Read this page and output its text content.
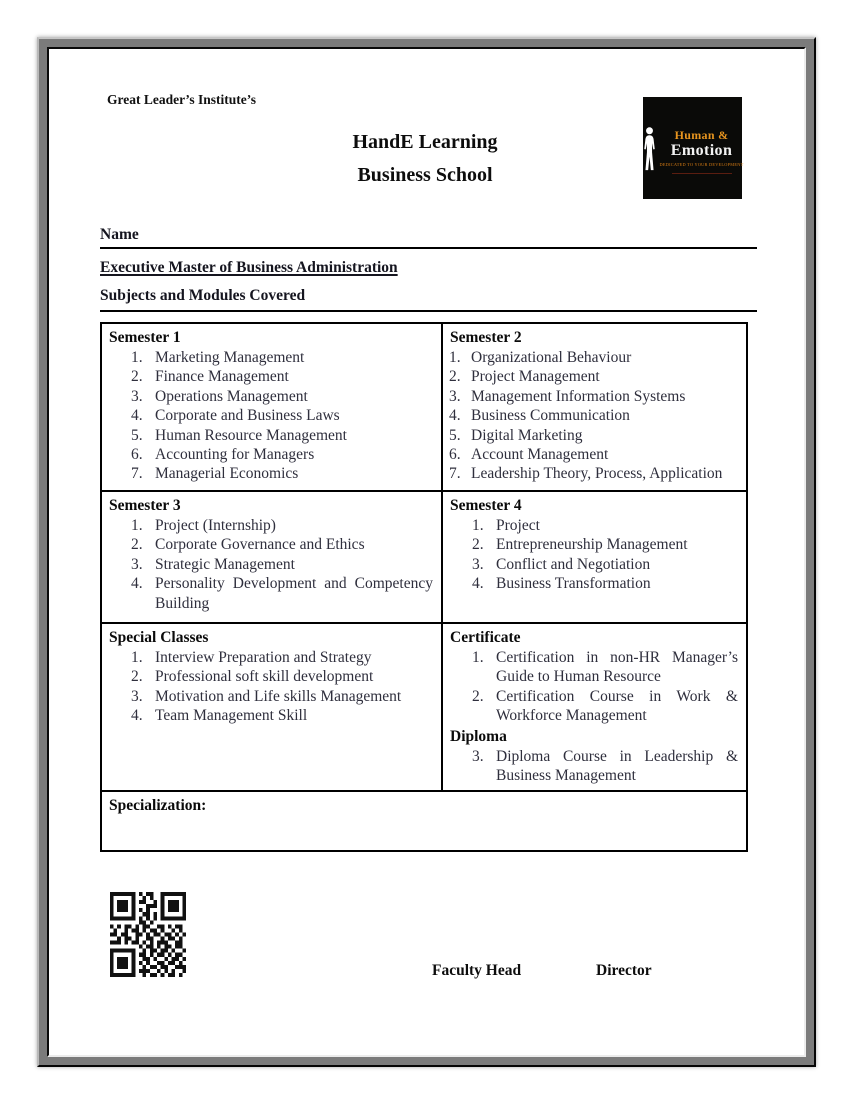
Great Leader’s Institute’s
HandE Learning
Business School
Human &
Emotion
DEDICATED TO YOUR DEVELOPMENT
Name
Executive Master of Business Administration
Subjects and Modules Covered
Semester 1
Marketing Management
Finance Management
Operations Management
Corporate and Business Laws
Human Resource Management
Accounting for Managers
Managerial Economics

Semester 2
Organizational Behaviour
Project Management
Management Information Systems
Business Communication
Digital Marketing
Account Management
Leadership Theory, Process, Application

Semester 3
Project (Internship)
Corporate Governance and Ethics
Strategic Management
Personality Development and Competency Building

Semester 4
Project
Entrepreneurship Management
Conflict and Negotiation
Business Transformation

Special Classes
Interview Preparation and Strategy
Professional soft skill development
Motivation and Life skills Management
Team Management Skill

Certificate
Certification in non-HR Manager’s Guide to Human Resource
Certification Course in Work & Workforce Management
Diploma
Diploma Course in Leadership & Business Management

Specialization:	
Faculty Head	Director
